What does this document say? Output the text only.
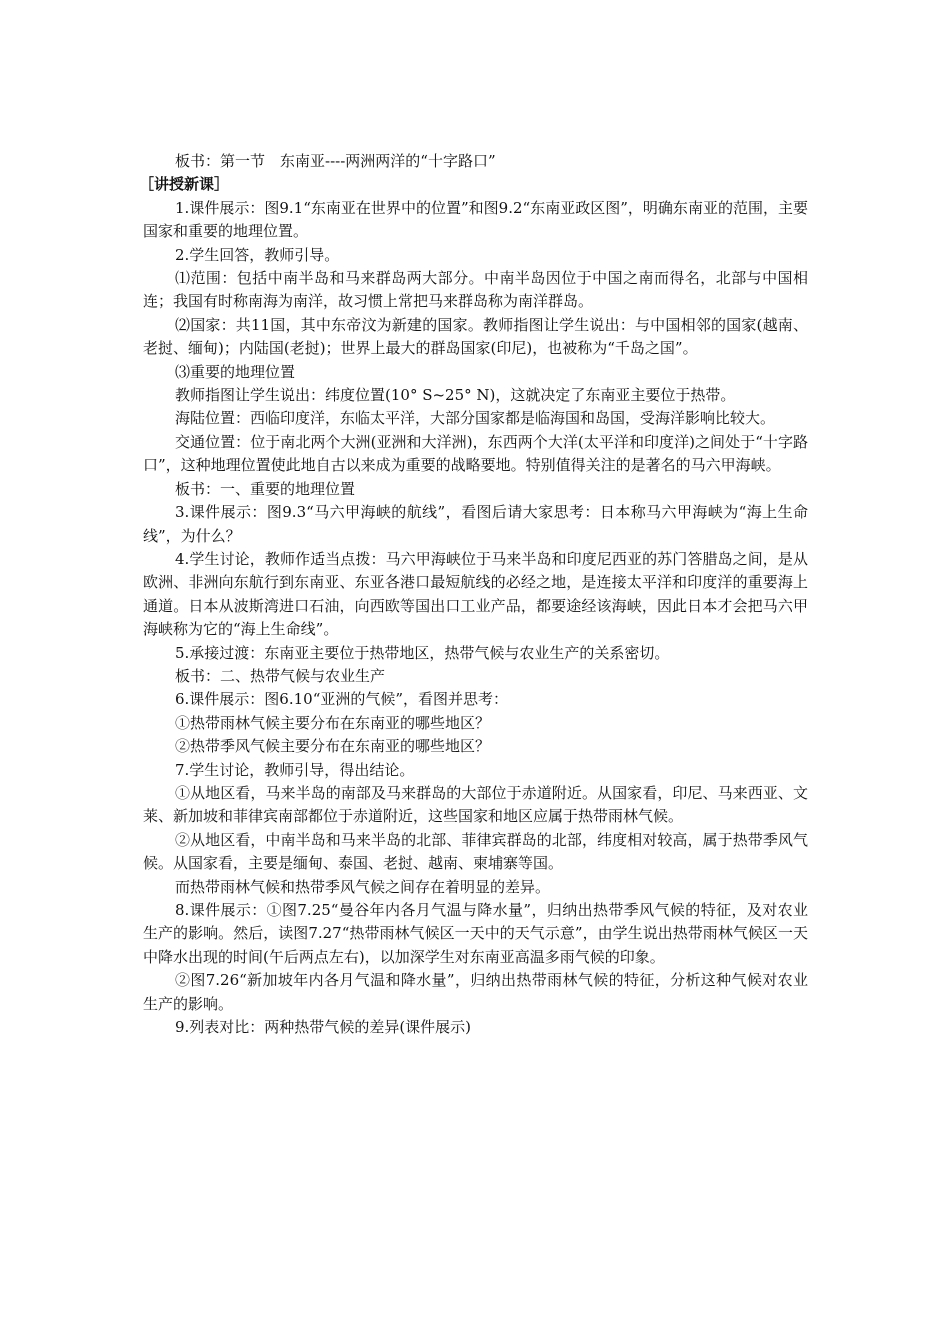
板书：第一节　东南亚----两洲两洋的“十字路口”

［讲授新课］

1.课件展示：图9.1“东南亚在世界中的位置”和图9.2“东南亚政区图”，明确东南亚的范围，主要国家和重要的地理位置。

2.学生回答，教师引导。

⑴范围：包括中南半岛和马来群岛两大部分。中南半岛因位于中国之南而得名，北部与中国相连；我国有时称南海为南洋，故习惯上常把马来群岛称为南洋群岛。

⑵国家：共11国，其中东帝汶为新建的国家。教师指图让学生说出：与中国相邻的国家(越南、老挝、缅甸)；内陆国(老挝)；世界上最大的群岛国家(印尼)，也被称为“千岛之国”。

⑶重要的地理位置

教师指图让学生说出：纬度位置(10° S~25° N)，这就决定了东南亚主要位于热带。

海陆位置：西临印度洋，东临太平洋，大部分国家都是临海国和岛国，受海洋影响比较大。

交通位置：位于南北两个大洲(亚洲和大洋洲)，东西两个大洋(太平洋和印度洋)之间处于“十字路口”，这种地理位置使此地自古以来成为重要的战略要地。特别值得关注的是著名的马六甲海峡。

板书：一、重要的地理位置

3.课件展示：图9.3“马六甲海峡的航线”，看图后请大家思考：日本称马六甲海峡为“海上生命线”，为什么？

4.学生讨论，教师作适当点拨：马六甲海峡位于马来半岛和印度尼西亚的苏门答腊岛之间，是从欧洲、非洲向东航行到东南亚、东亚各港口最短航线的必经之地，是连接太平洋和印度洋的重要海上通道。日本从波斯湾进口石油，向西欧等国出口工业产品，都要途经该海峡，因此日本才会把马六甲海峡称为它的“海上生命线”。

5.承接过渡：东南亚主要位于热带地区，热带气候与农业生产的关系密切。

板书：二、热带气候与农业生产

6.课件展示：图6.10“亚洲的气候”，看图并思考：

①热带雨林气候主要分布在东南亚的哪些地区？

②热带季风气候主要分布在东南亚的哪些地区？

7.学生讨论，教师引导，得出结论。

①从地区看，马来半岛的南部及马来群岛的大部位于赤道附近。从国家看，印尼、马来西亚、文莱、新加坡和菲律宾南部都位于赤道附近，这些国家和地区应属于热带雨林气候。

②从地区看，中南半岛和马来半岛的北部、菲律宾群岛的北部，纬度相对较高，属于热带季风气候。从国家看，主要是缅甸、泰国、老挝、越南、柬埔寨等国。

而热带雨林气候和热带季风气候之间存在着明显的差异。

8.课件展示：①图7.25“曼谷年内各月气温与降水量”，归纳出热带季风气候的特征，及对农业生产的影响。然后，读图7.27“热带雨林气候区一天中的天气示意”，由学生说出热带雨林气候区一天中降水出现的时间(午后两点左右)，以加深学生对东南亚高温多雨气候的印象。

②图7.26“新加坡年内各月气温和降水量”，归纳出热带雨林气候的特征，分析这种气候对农业生产的影响。

9.列表对比：两种热带气候的差异(课件展示)
